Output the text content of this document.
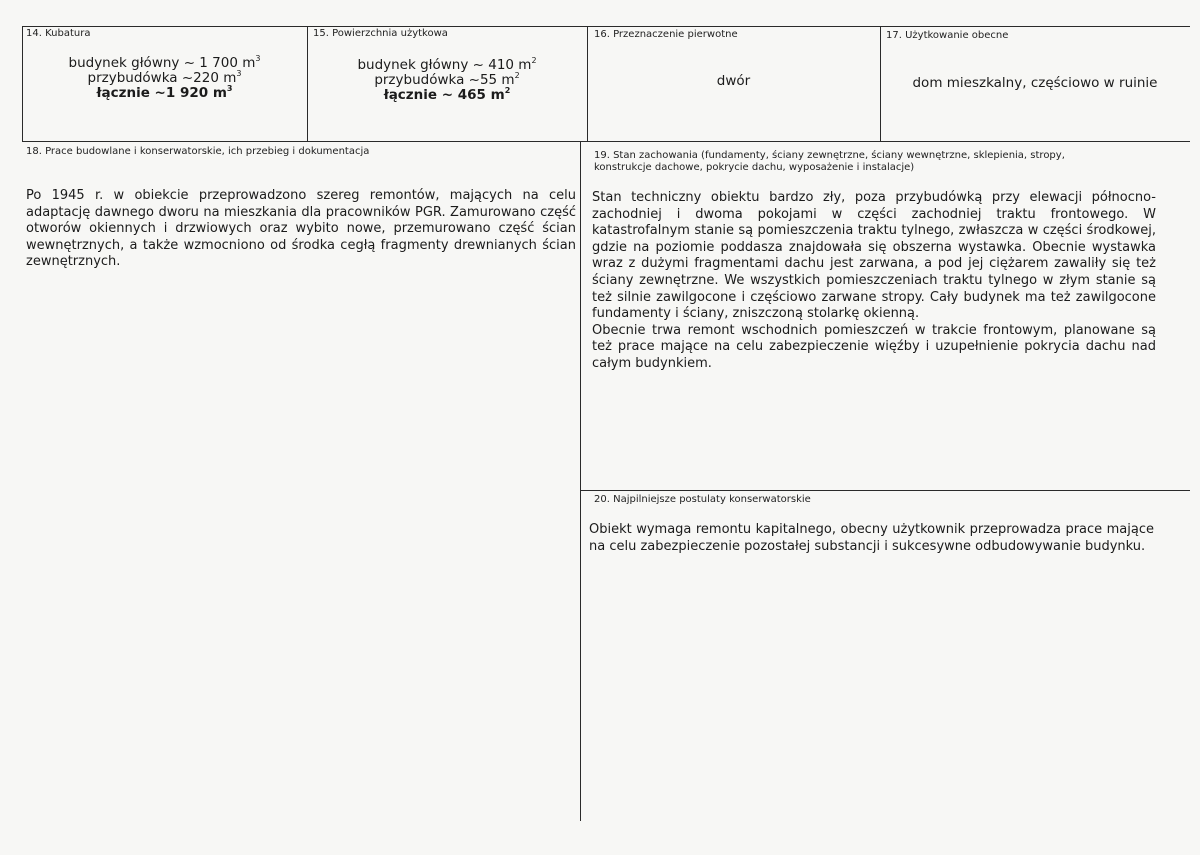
14. Kubatura
budynek główny ~ 1 700 $m^3$
przybudówka ~220 $m^3$
łącznie ~1 920 $m^3$
15. Powierzchnia użytkowa
budynek główny ~ 410 $m^2$
przybudówka ~55 $m^2$
łącznie ~ 465 $m^2$
16. Przeznaczenie pierwotne
dwór
17. Użytkowanie obecne
dom mieszkalny, częściowo w ruinie
18. Prace budowlane i konserwatorskie, ich przebieg i dokumentacja
Po 1945 r. w obiekcie przeprowadzono szereg remontów, mających na celu adaptację dawnego dworu na mieszkania dla pracowników PGR. Zamurowano część otworów okiennych i drzwiowych oraz wybito nowe, przemurowano część ścian wewnętrznych, a także wzmocniono od środka cegłą fragmenty drewnianych ścian zewnętrznych.
19. Stan zachowania (fundamenty, ściany zewnętrzne, ściany wewnętrzne, sklepienia, stropy, konstrukcje dachowe, pokrycie dachu, wyposażenie i instalacje)

Stan techniczny obiektu bardzo zły, poza przybudówką przy elewacji północno-zachodniej i dwoma pokojami w części zachodniej traktu frontowego. W katastrofalnym stanie są pomieszczenia traktu tylnego, zwłaszcza w części środkowej, gdzie na poziomie poddasza znajdowała się obszerna wystawka. Obecnie wystawka wraz z dużymi fragmentami dachu jest zarwana, a pod jej ciężarem zawaliły się też ściany zewnętrzne. We wszystkich pomieszczeniach traktu tylnego w złym stanie są też silnie zawilgocone i częściowo zarwane stropy. Cały budynek ma też zawilgocone fundamenty i ściany, zniszczoną stolarkę okienną.

Obecnie trwa remont wschodnich pomieszczeń w trakcie frontowym, planowane są też prace mające na celu zabezpieczenie więźby i uzupełnienie pokrycia dachu nad całym budynkiem.

20. Najpilniejsze postulaty konserwatorskie
Obiekt wymaga remontu kapitalnego, obecny użytkownik przeprowadza prace mające na celu zabezpieczenie pozostałej substancji i sukcesywne odbudowywanie budynku.
